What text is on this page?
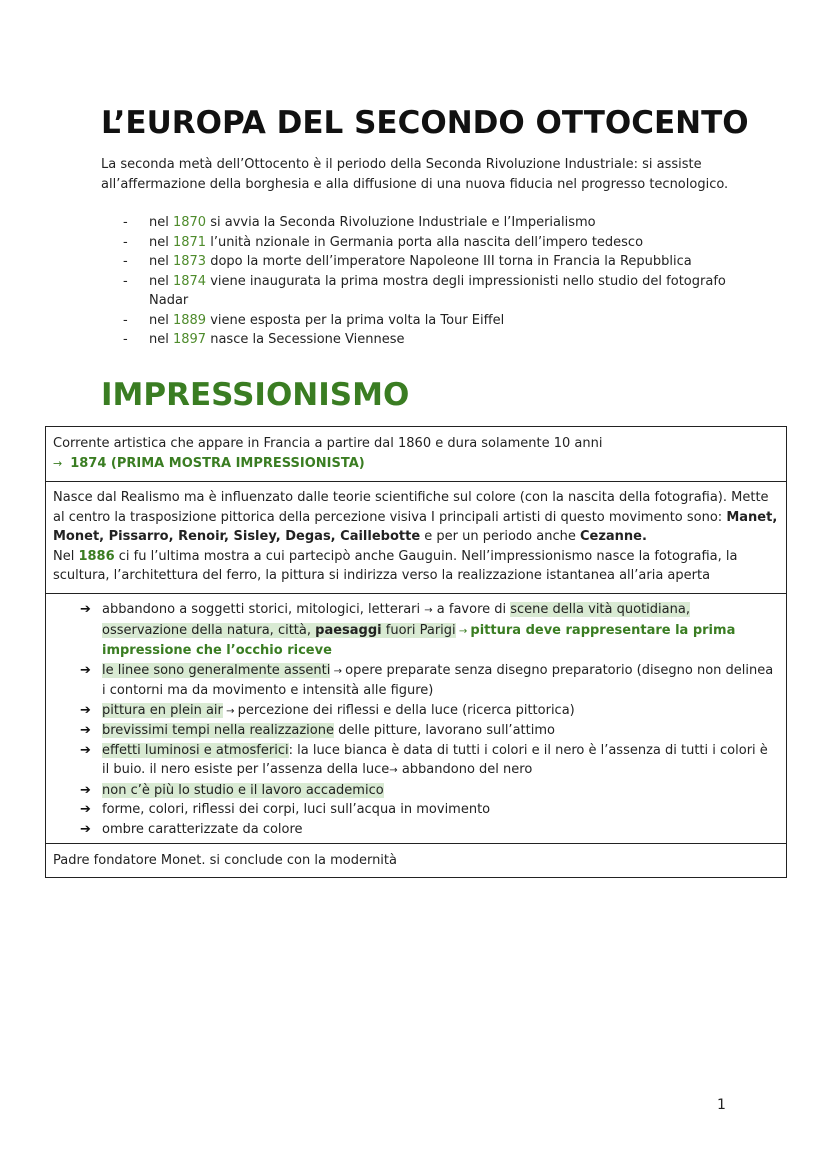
L’EUROPA DEL SECONDO OTTOCENTO

La seconda metà dell’Ottocento è il periodo della Seconda Rivoluzione Industriale: si assiste all’affermazione della borghesia e alla diffusione di una nuova fiducia nel progresso tecnologico.

- nel 1870 si avvia la Seconda Rivoluzione Industriale e l’Imperialismo
- nel 1871 l’unità nzionale in Germania porta alla nascita dell’impero tedesco
- nel 1873 dopo la morte dell’imperatore Napoleone III torna in Francia la Repubblica
- nel 1874 viene inaugurata la prima mostra degli impressionisti nello studio del fotografo Nadar
- nel 1889 viene esposta per la prima volta la Tour Eiffel
- nel 1897 nasce la Secessione Viennese
IMPRESSIONISMO
Corrente artistica che appare in Francia a partire dal 1860 e dura solamente 10 anni
→ 1874 (PRIMA MOSTRA IMPRESSIONISTA)
Nasce dal Realismo ma è influenzato dalle teorie scientifiche sul colore (con la nascita della fotografia). Mette al centro la trasposizione pittorica della percezione visiva I principali artisti di questo movimento sono: Manet, Monet, Pissarro, Renoir, Sisley, Degas, Caillebotte e per un periodo anche Cezanne.
Nel 1886 ci fu l’ultima mostra a cui partecipò anche Gauguin. Nell’impressionismo nasce la fotografia, la scultura, l’architettura del ferro, la pittura si indirizza verso la realizzazione istantanea all’aria aperta
➔ abbandono a soggetti storici, mitologici, letterari → a favore di scene della vità quotidiana, osservazione della natura, città, paesaggi fuori Parigi → pittura deve rappresentare la prima impressione che l’occhio riceve
➔ le linee sono generalmente assenti → opere preparate senza disegno preparatorio (disegno non delinea i contorni ma da movimento e intensità alle figure)
➔ pittura en plein air → percezione dei riflessi e della luce (ricerca pittorica)
➔ brevissimi tempi nella realizzazione delle pitture, lavorano sull’attimo
➔ effetti luminosi e atmosferici: la luce bianca è data di tutti i colori e il nero è l’assenza di tutti i colori è il buio. il nero esiste per l’assenza della luce→ abbandono del nero
➔ non c’è più lo studio e il lavoro accademico
➔ forme, colori, riflessi dei corpi, luci sull’acqua in movimento
➔ ombre caratterizzate da colore
Padre fondatore Monet. si conclude con la modernità
1
